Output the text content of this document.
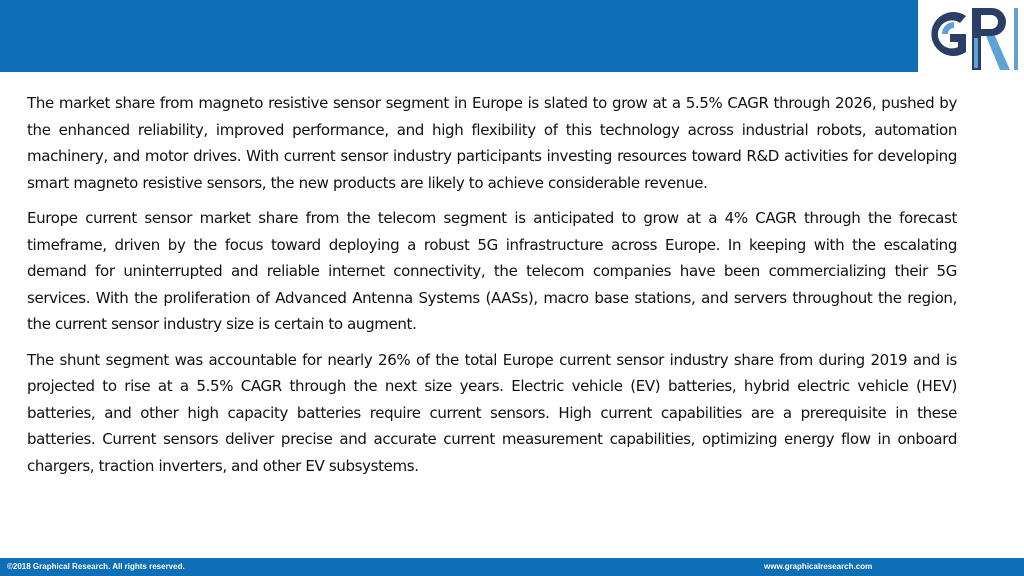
The market share from magneto resistive sensor segment in Europe is slated to grow at a 5.5% CAGR through 2026, pushed by the enhanced reliability, improved performance, and high flexibility of this technology across industrial robots, automation machinery, and motor drives. With current sensor industry participants investing resources toward R&D activities for developing smart magneto resistive sensors, the new products are likely to achieve considerable revenue.

Europe current sensor market share from the telecom segment is anticipated to grow at a 4% CAGR through the forecast timeframe, driven by the focus toward deploying a robust 5G infrastructure across Europe. In keeping with the escalating demand for uninterrupted and reliable internet connectivity, the telecom companies have been commercializing their 5G services. With the proliferation of Advanced Antenna Systems (AASs), macro base stations, and servers throughout the region, the current sensor industry size is certain to augment.

The shunt segment was accountable for nearly 26% of the total Europe current sensor industry share from during 2019 and is projected to rise at a 5.5% CAGR through the next size years. Electric vehicle (EV) batteries, hybrid electric vehicle (HEV) batteries, and other high capacity batteries require current sensors. High current capabilities are a prerequisite in these batteries. Current sensors deliver precise and accurate current measurement capabilities, optimizing energy flow in onboard chargers, traction inverters, and other EV subsystems.

©2018 Graphical Research. All rights reserved.	www.graphicalresearch.com
